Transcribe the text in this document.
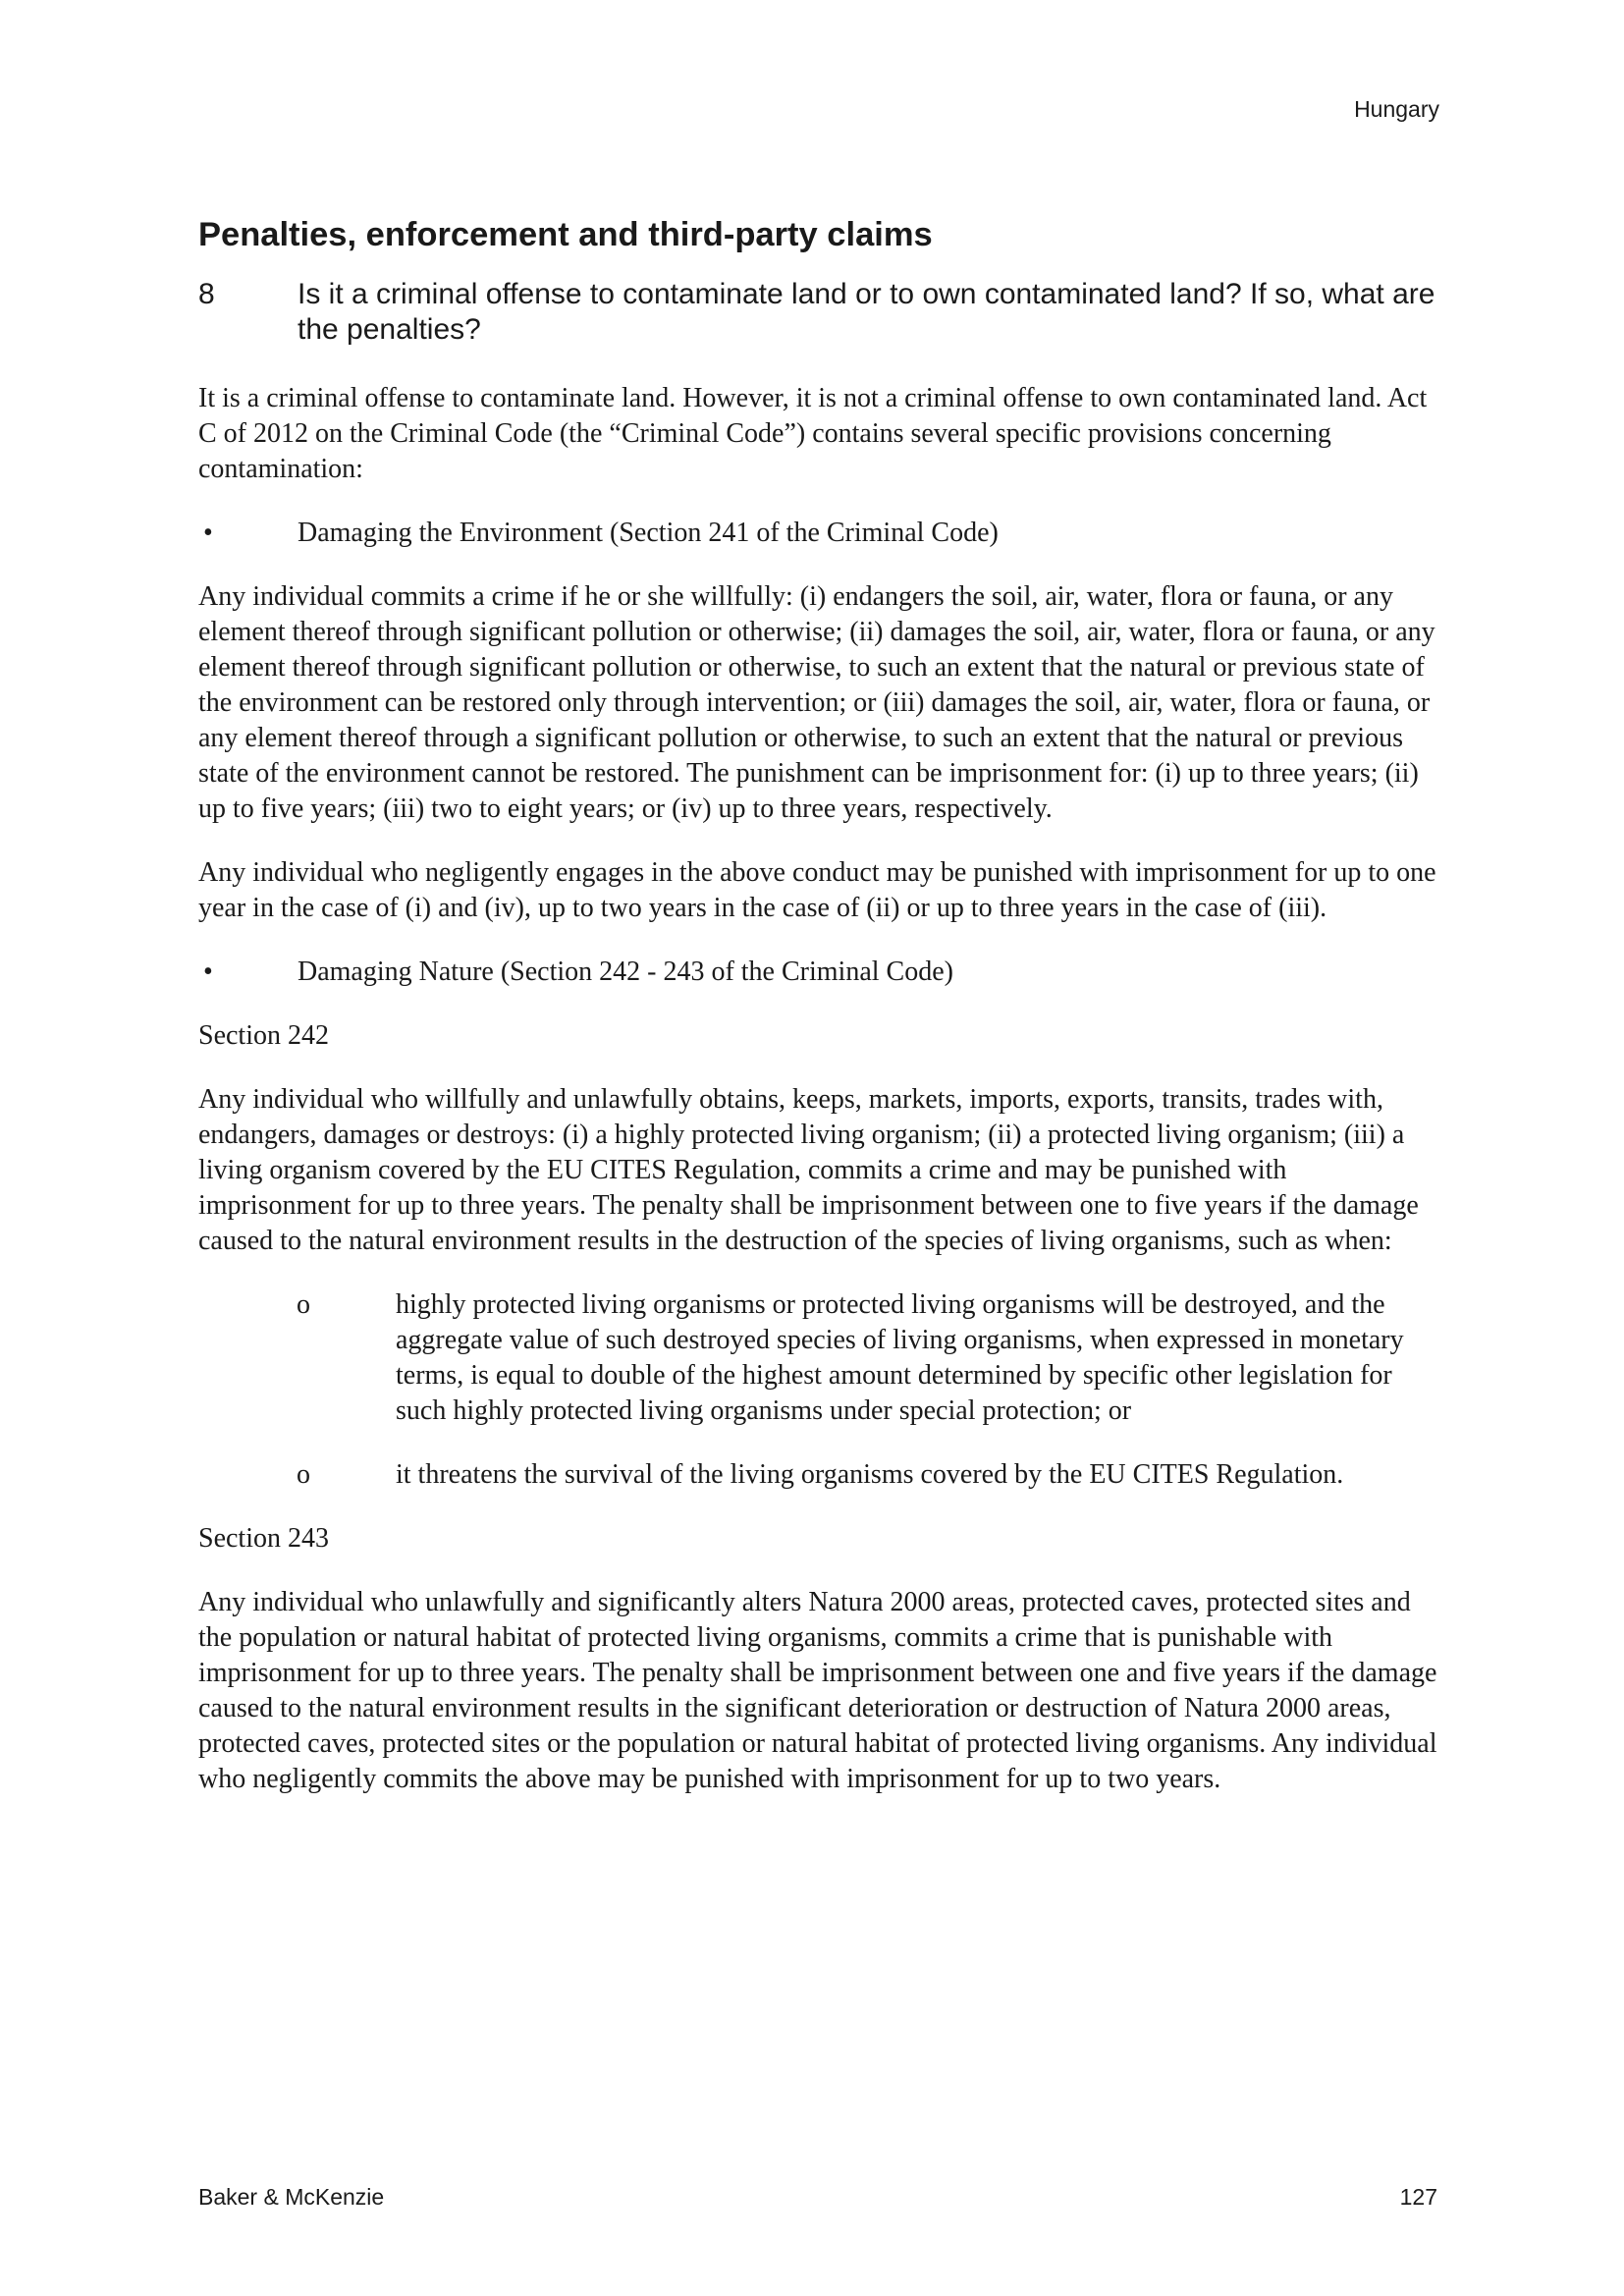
Hungary
Penalties, enforcement and third-party claims
8	Is it a criminal offense to contaminate land or to own contaminated land? If so, what are the penalties?

It is a criminal offense to contaminate land. However, it is not a criminal offense to own contaminated land. Act C of 2012 on the Criminal Code (the “Criminal Code”) contains several specific provisions concerning contamination:

•	Damaging the Environment (Section 241 of the Criminal Code)

Any individual commits a crime if he or she willfully: (i) endangers the soil, air, water, flora or fauna, or any element thereof through significant pollution or otherwise; (ii) damages the soil, air, water, flora or fauna, or any element thereof through significant pollution or otherwise, to such an extent that the natural or previous state of the environment can be restored only through intervention; or (iii) damages the soil, air, water, flora or fauna, or any element thereof through a significant pollution or otherwise, to such an extent that the natural or previous state of the environment cannot be restored. The punishment can be imprisonment for: (i) up to three years; (ii) up to five years; (iii) two to eight years; or (iv) up to three years, respectively.

Any individual who negligently engages in the above conduct may be punished with imprisonment for up to one year in the case of (i) and (iv), up to two years in the case of (ii) or up to three years in the case of (iii).

•	Damaging Nature (Section 242 - 243 of the Criminal Code)

Section 242

Any individual who willfully and unlawfully obtains, keeps, markets, imports, exports, transits, trades with, endangers, damages or destroys: (i) a highly protected living organism; (ii) a protected living organism; (iii) a living organism covered by the EU CITES Regulation, commits a crime and may be punished with imprisonment for up to three years. The penalty shall be imprisonment between one to five years if the damage caused to the natural environment results in the destruction of the species of living organisms, such as when:

o	highly protected living organisms or protected living organisms will be destroyed, and the aggregate value of such destroyed species of living organisms, when expressed in monetary terms, is equal to double of the highest amount determined by specific other legislation for such highly protected living organisms under special protection; or
o	it threatens the survival of the living organisms covered by the EU CITES Regulation.

Section 243

Any individual who unlawfully and significantly alters Natura 2000 areas, protected caves, protected sites and the population or natural habitat of protected living organisms, commits a crime that is punishable with imprisonment for up to three years. The penalty shall be imprisonment between one and five years if the damage caused to the natural environment results in the significant deterioration or destruction of Natura 2000 areas, protected caves, protected sites or the population or natural habitat of protected living organisms. Any individual who negligently commits the above may be punished with imprisonment for up to two years.

Baker & McKenzie	127
